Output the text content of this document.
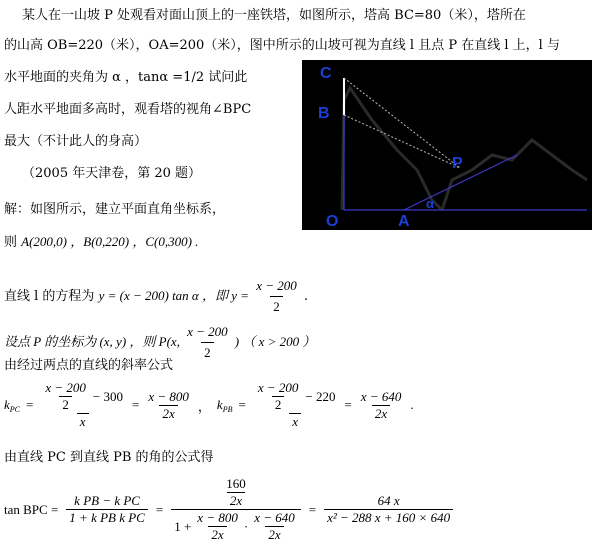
某人在一山坡 P 处观看对面山顶上的一座铁塔，如图所示，塔高 BC=80（米），塔所在
的山高 OB=220（米），OA=200（米），图中所示的山坡可视为直线 l 且点 P 在直线 l 上，l 与
水平地面的夹角为 α ，tanα =1/2 试问此
人距水平地面多高时，观看塔的视角∠BPC
最大（不计此人的身高）
（2005 年天津卷，第 20 题）
C
B
P
O	A
α
解：如图所示，建立平面直角坐标系，
则 A(200,0) ，B(0,220) ，C(0,300) .
直线 l 的方程为 y = (x − 200) tan α ，即 $y = \frac{x - 200}{2}$ .
设点 P 的坐标为 (x, y) ，则 P(x, $\frac{x - 200}{2}$ ) （ x > 200 ）
由经过两点的直线的斜率公式
$k_{PC} = \frac{\frac{x - 200}{2} - 300}{x} = \frac{x - 800}{2x}$ ， $k_{PB} = \frac{\frac{x - 200}{2} - 220}{x} = \frac{x - 640}{2x}$ .
由直线 PC 到直线 PB 的角的公式得
tan BPC = $\frac{\text{k PB − k PC}}{\text{1 + k PB k PC}} = \frac{\frac{160}{2x}}{1 + \frac{x - 800}{2x} \cdot \frac{x - 640}{2x}} = \frac{64 x}{\text{x² − 288 x + 160 × 640}}$
